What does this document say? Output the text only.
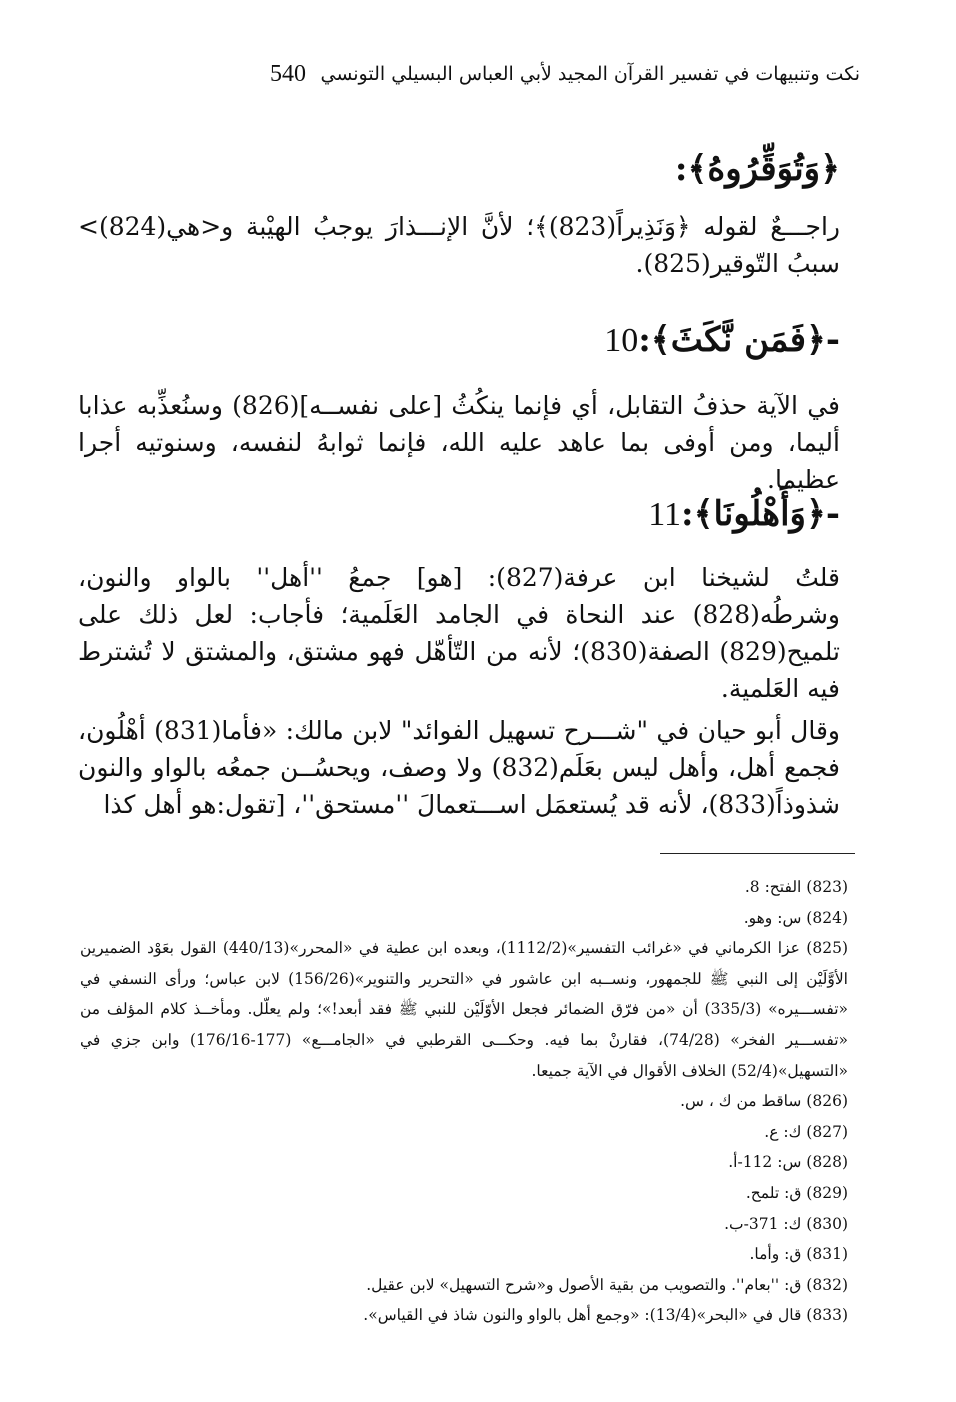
540 نكت وتنبيهات في تفسير القرآن المجيد لأبي العباس البسيلي التونسي
﴿وَتُوَقِّرُوهُ﴾:
راجـــعٌ لقوله ﴿وَنَذِيراً(823)﴾؛ لأنَّ الإنـــذارَ يوجبُ الهيْبة و<هي(824)> سببُ التّوقير(825).
-﴿فَمَن نَّكَثَ﴾:10
في الآية حذفُ التقابل، أي فإنما ينكُثُ [على نفســه](826) وسنُعذِّبه عذابا أليما، ومن أوفى بما عاهد عليه الله، فإنما ثوابهُ لنفسه، وسنوتيه أجرا عظيما.
-﴿وَأَهْلُونَا﴾:11
قلتُ لشيخنا ابن عرفة(827): [هو] جمعُ ''أهل'' بالواو والنون، وشرطُه(828) عند النحاة في الجامد العَلَمية؛ فأجاب: لعل ذلك على تلميح(829) الصفة(830)؛ لأنه من التّأهّل فهو مشتق، والمشتق لا تُشترط فيه العَلمية.
وقال أبو حيان في "شـــرح تسهيل الفوائد" لابن مالك: «فأما(831) أهْلُون، فجمع أهل، وأهل ليس بعَلَم(832) ولا وصف، ويحسُــن جمعُه بالواو والنون شذوذاً(833)، لأنه قد يُستعمَل اســـتعمالَ ''مستحق''، [تقول:هو أهل كذا

(823) الفتح: 8.

(824) س: وهو.

(825) عزا الكرماني في «غرائب التفسير»(1112/2)، وبعده ابن عطية في «المحرر»(440/13) القول بعَوْد الضميرين الأوَّلَيْن إلى النبي ﷺ للجمهور، ونســبه ابن عاشور في «التحرير والتنوير»(156/26) لابن عباس؛ ورأى النسفي في «تفســـيره» (335/3) أن «من فرّق الضمائر فجعل الأوّلَيْن للنبي ﷺ فقد أبعد!»؛ ولم يعلّل. ومأخــذ كلام المؤلف من «تفســـير الفخر» (74/28)، فقارنْ بما فيه. وحكـــى القرطبي في «الجامـــع» (177-176/16) وابن جزي في «التسهيل»(52/4) الخلاف الأقوال في الآية جميعا.

(826) ساقط من ك ، س.

(827) ك: ع.

(828) س: 112-أ.

(829) ق: تلمح.

(830) ك: 371-ب.

(831) ق: وأما.

(832) ق: ''بعام''. والتصويب من بقية الأصول و«شرح التسهيل» لابن عقيل.

(833) قال في «البحر»(13/4): «وجمع أهل بالواو والنون شاذ في القياس».
